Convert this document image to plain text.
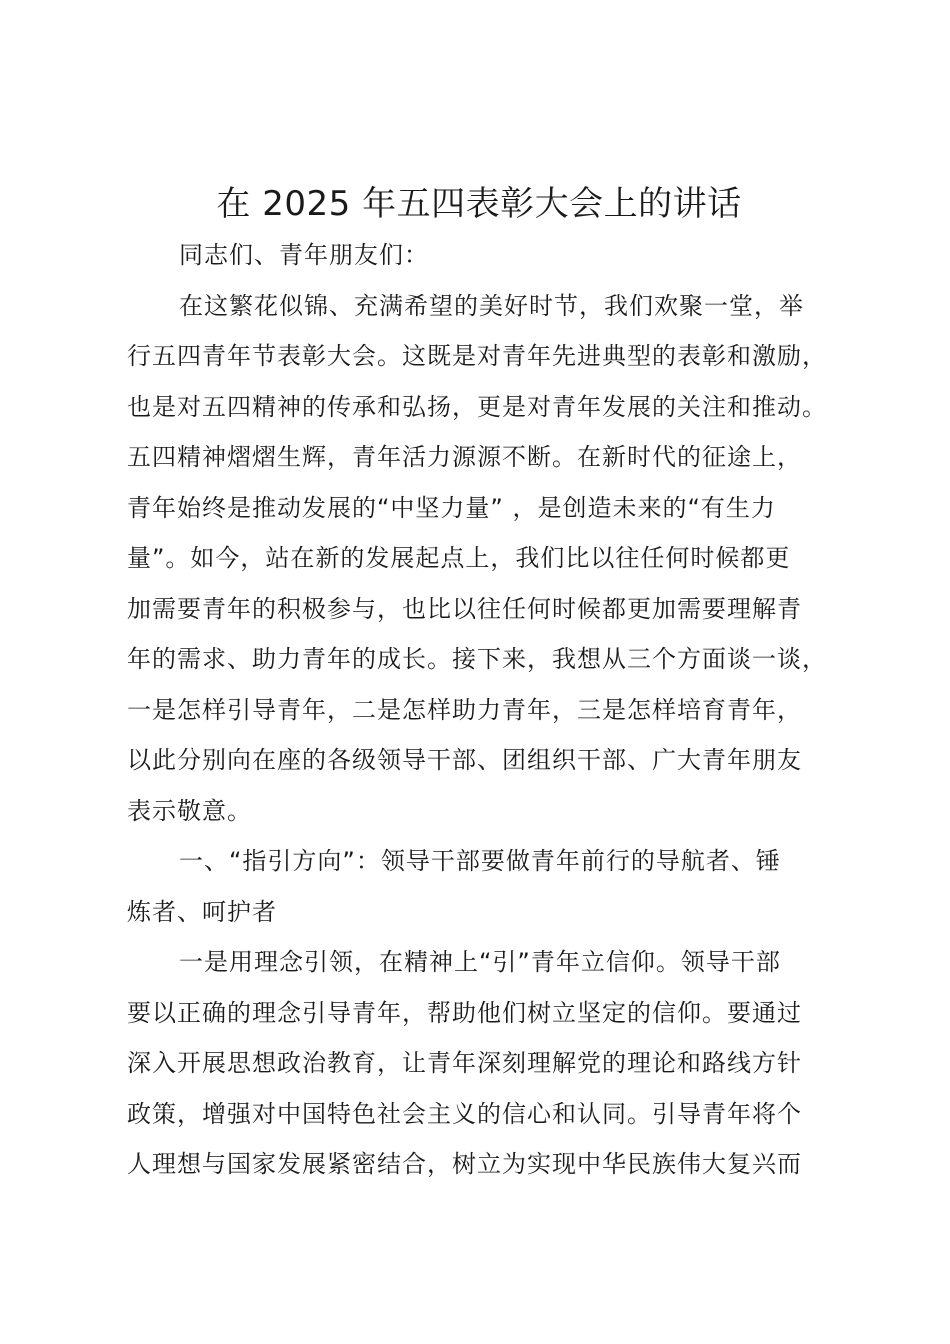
在 2025 年五四表彰大会上的讲话
同志们、青年朋友们：
在这繁花似锦、充满希望的美好时节，我们欢聚一堂，举
行五四青年节表彰大会。这既是对青年先进典型的表彰和激励，
也是对五四精神的传承和弘扬，更是对青年发展的关注和推动。
五四精神熠熠生辉，青年活力源源不断。在新时代的征途上，
青年始终是推动发展的“中坚力量” ，是创造未来的“有生力
量”。如今，站在新的发展起点上，我们比以往任何时候都更
加需要青年的积极参与，也比以往任何时候都更加需要理解青
年的需求、助力青年的成长。接下来，我想从三个方面谈一谈，
一是怎样引导青年，二是怎样助力青年，三是怎样培育青年，
以此分别向在座的各级领导干部、团组织干部、广大青年朋友
表示敬意。
一、“指引方向”：领导干部要做青年前行的导航者、锤
炼者、呵护者
一是用理念引领，在精神上“引”青年立信仰。领导干部
要以正确的理念引导青年，帮助他们树立坚定的信仰。要通过
深入开展思想政治教育，让青年深刻理解党的理论和路线方针
政策，增强对中国特色社会主义的信心和认同。引导青年将个
人理想与国家发展紧密结合，树立为实现中华民族伟大复兴而
